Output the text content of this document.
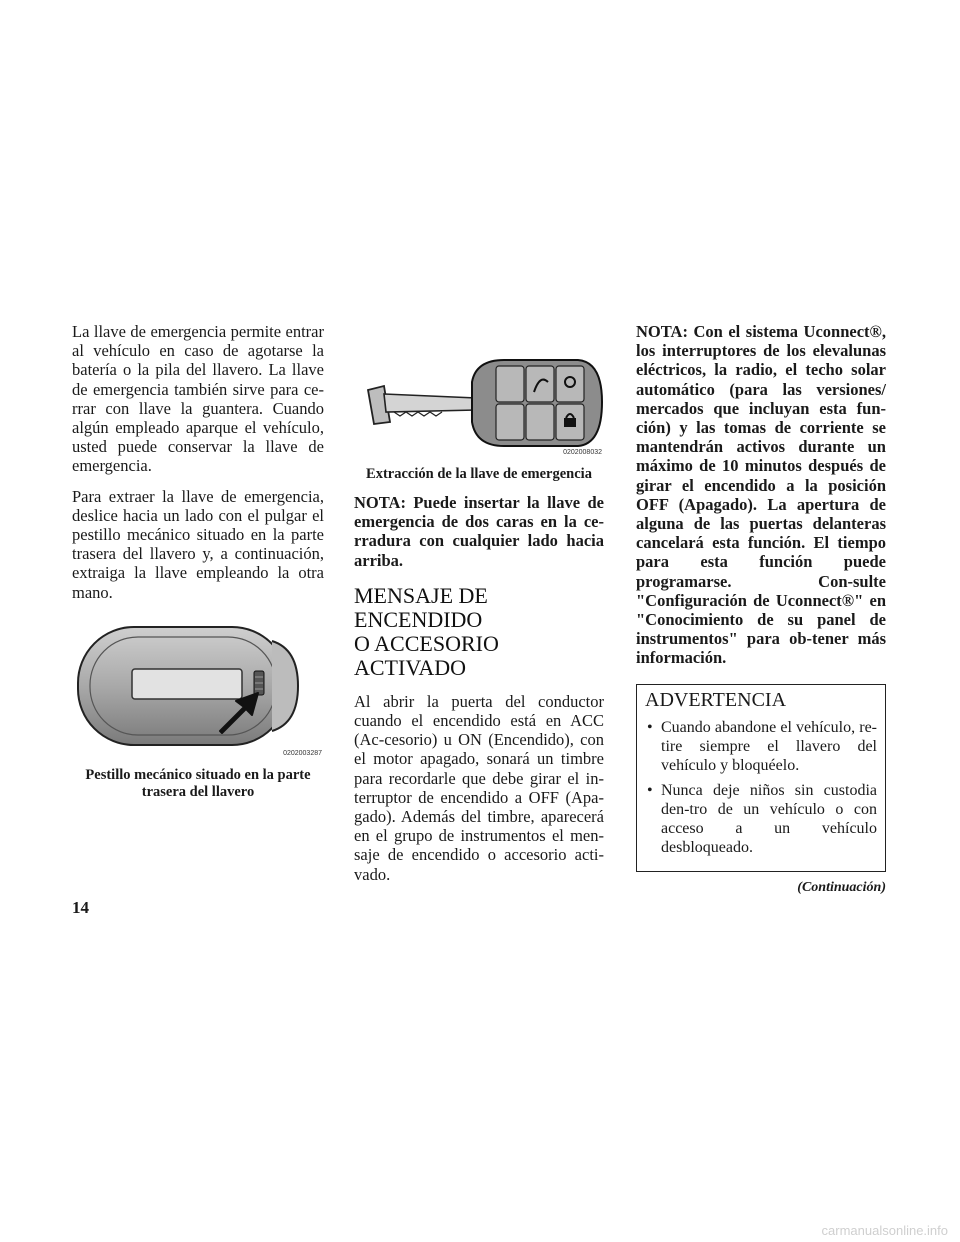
La llave de emergencia permite entrar al vehículo en caso de agotarse la batería o la pila del llavero. La llave de emergencia también sirve para ce-rrar con llave la guantera. Cuando algún empleado aparque el vehículo, usted puede conservar la llave de emergencia.

Para extraer la llave de emergencia, deslice hacia un lado con el pulgar el pestillo mecánico situado en la parte trasera del llavero y, a continuación, extraiga la llave empleando la otra mano.

0202003287
Pestillo mecánico situado en la parte
trasera del llavero
0202008032
Extracción de la llave de emergencia

NOTA: Puede insertar la llave de emergencia de dos caras en la ce-rradura con cualquier lado hacia arriba.

MENSAJE DE ENCENDIDO
O ACCESORIO ACTIVADO

Al abrir la puerta del conductor cuando el encendido está en ACC (Ac-cesorio) u ON (Encendido), con el motor apagado, sonará un timbre para recordarle que debe girar el in-terruptor de encendido a OFF (Apa-gado). Además del timbre, aparecerá en el grupo de instrumentos el men-saje de encendido o accesorio acti-vado.

NOTA: Con el sistema Uconnect®, los interruptores de los elevalunas eléctricos, la radio, el techo solar automático (para las versiones/ mercados que incluyan esta fun-ción) y las tomas de corriente se mantendrán activos durante un máximo de 10 minutos después de girar el encendido a la posición OFF (Apagado). La apertura de alguna de las puertas delanteras cancelará esta función. El tiempo para esta función puede programarse. Con-sulte "Configuración de Uconnect®" en "Conocimiento de su panel de instrumentos" para ob-tener más información.

ADVERTENCIA
• Cuando abandone el vehículo, re-tire siempre el llavero del vehículo y bloquéelo.
• Nunca deje niños sin custodia den-tro de un vehículo o con acceso a un vehículo desbloqueado.
(Continuación)
14
carmanualsonline.info
